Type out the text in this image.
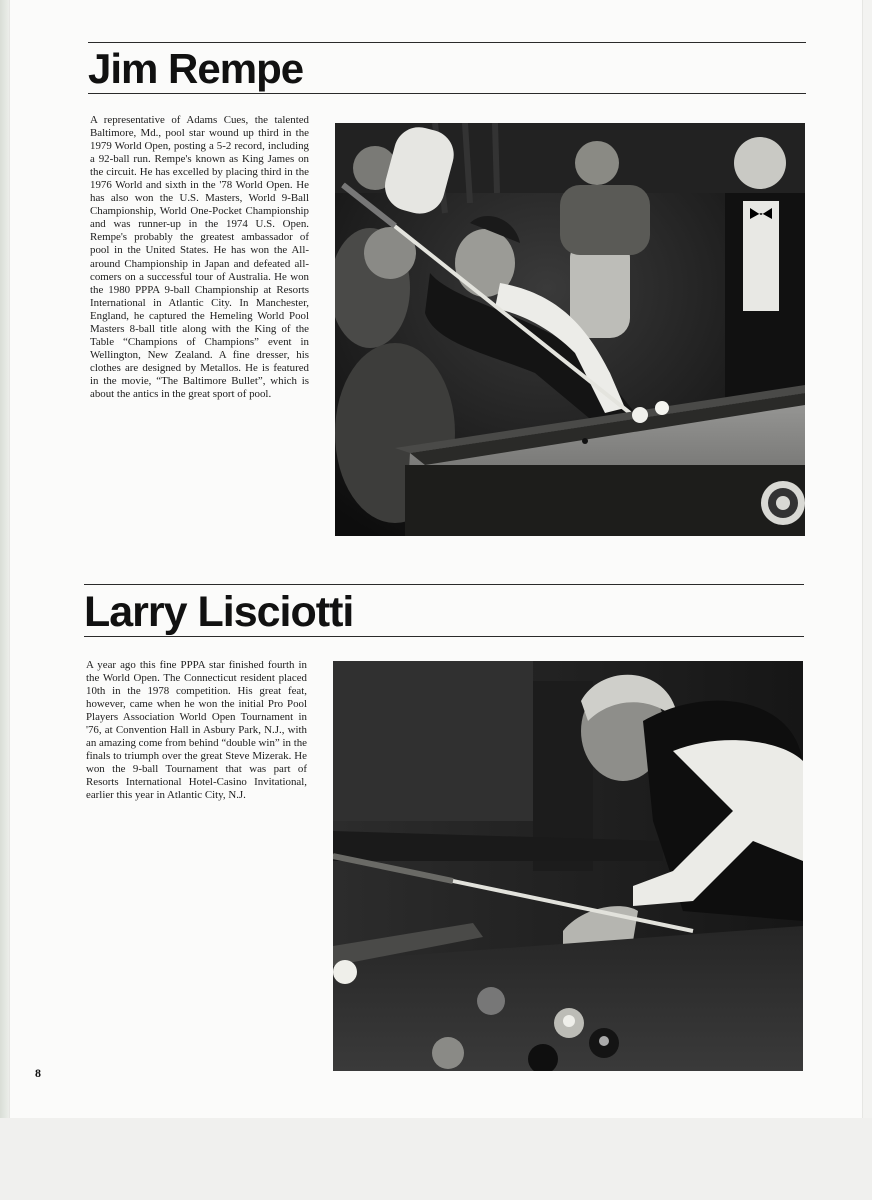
Jim Rempe

A representative of Adams Cues, the talented Baltimore, Md., pool star wound up third in the 1979 World Open, posting a 5-2 record, including a 92-ball run. Rempe's known as King James on the circuit. He has excelled by placing third in the 1976 World and sixth in the '78 World Open. He has also won the U.S. Masters, World 9-Ball Championship, World One-Pocket Championship and was runner-up in the 1974 U.S. Open. Rempe's probably the greatest ambassador of pool in the United States. He has won the All-around Championship in Japan and defeated all-comers on a successful tour of Australia. He won the 1980 PPPA 9-ball Championship at Resorts International in Atlantic City. In Manchester, England, he captured the Hemeling World Pool Masters 8-ball title along with the King of the Table “Champions of Champions” event in Wellington, New Zealand. A fine dresser, his clothes are designed by Metallos. He is featured in the movie, “The Baltimore Bullet”, which is about the antics in the great sport of pool.

Larry Lisciotti

A year ago this fine PPPA star finished fourth in the World Open. The Connecticut resident placed 10th in the 1978 competition. His great feat, however, came when he won the initial Pro Pool Players Association World Open Tournament in '76, at Convention Hall in Asbury Park, N.J., with an amazing come from behind “double win” in the finals to triumph over the great Steve Mizerak. He won the 9-ball Tournament that was part of Resorts International Hotel-Casino Invitational, earlier this year in Atlantic City, N.J.

8
